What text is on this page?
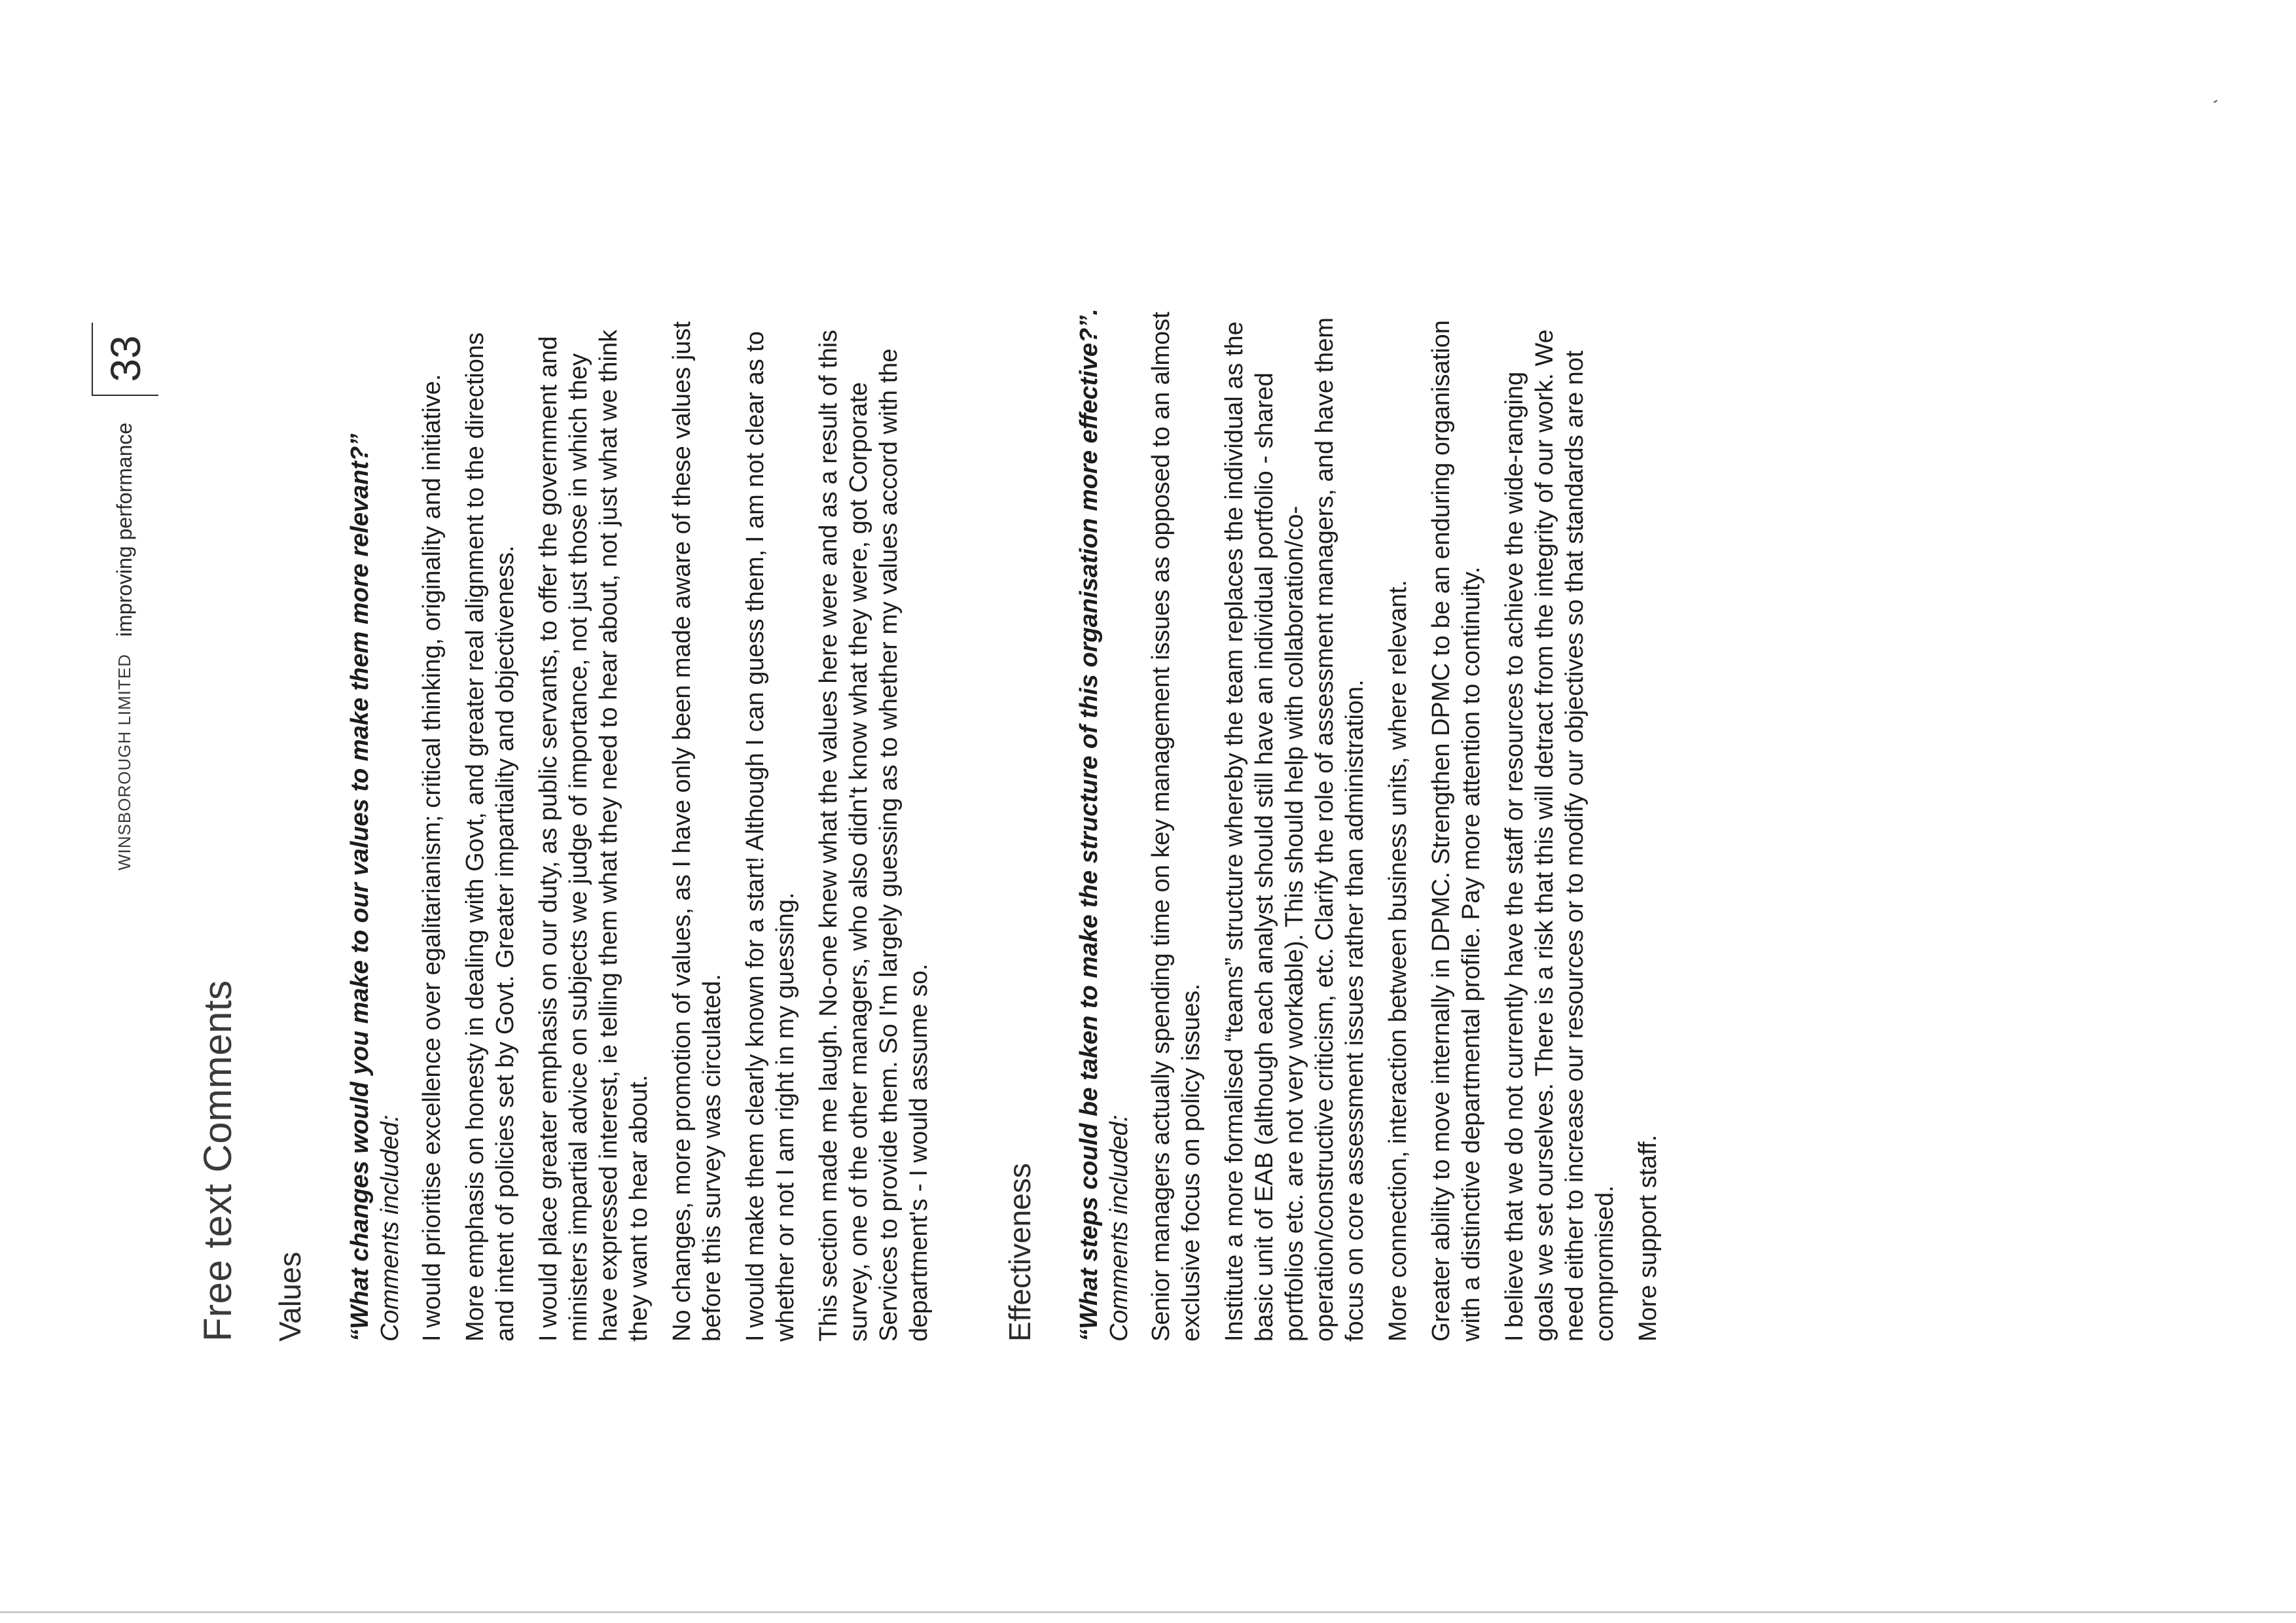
Free text Comments Values “What changes would you make to our values to make them more relevant?” Comments included: I would prioritise excellence over egalitarianism; critical thinking, originality and initiative. More emphasis on honesty in dealing with Govt, and greater real alignment to the directions and intent of policies set by Govt. Greater impartiality and objectiveness. I would place greater emphasis on our duty, as public servants, to offer the government and ministers impartial advice on subjects we judge of importance, not just those in which they have expressed interest, ie telling them what they need to hear about, not just what we think they want to hear about. No changes, more promotion of values, as I have only been made aware of these values just before this survey was circulated. I would make them clearly known for a start! Although I can guess them, I am not clear as to whether or not I am right in my guessing. This section made me laugh. No-one knew what the values here were and as a result of this survey, one of the other managers, who also didn't know what they were, got Corporate Services to provide them. So I'm largely guessing as to whether my values accord with the department's - I would assume so. Effectiveness “What steps could be taken to make the structure of this organisation more effective?”. Comments included: Senior managers actually spending time on key management issues as opposed to an almost exclusive focus on policy issues. Institute a more formalised “teams” structure whereby the team replaces the individual as the basic unit of EAB (although each analyst should still have an individual portfolio - shared portfolios etc. are not very workable). This should help with collaboration/co-operation/constructive criticism, etc. Clarify the role of assessment managers, and have them focus on core assessment issues rather than administration. More connection, interaction between business units, where relevant. Greater ability to move internally in DPMC. Strengthen DPMC to be an enduring organisation with a distinctive departmental profile. Pay more attention to continuity. I believe that we do not currently have the staff or resources to achieve the wide-ranging goals we set ourselves. There is a risk that this will detract from the integrity of our work. We need either to increase our resources or to modify our objectives so that standards are not compromised. More support staff.

WINSBOROUGH LIMITED
improving performance
33
